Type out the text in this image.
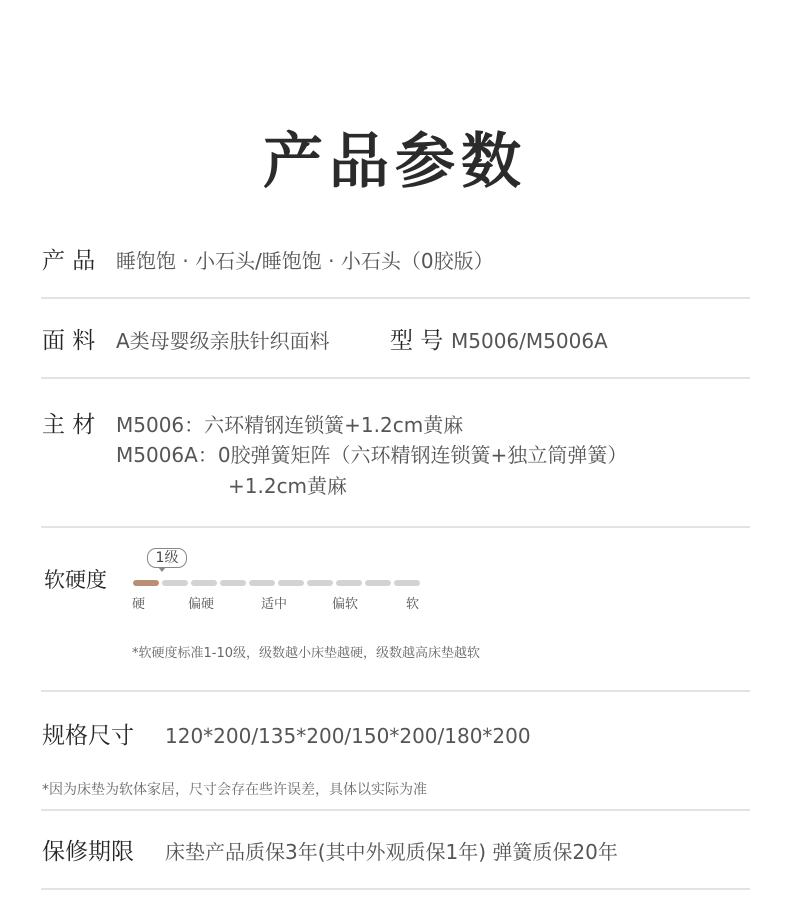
产品参数
产 品 睡饱饱 · 小石头/睡饱饱 · 小石头（0胶版）
面 料 A类母婴级亲肤针织面料	型 号 M5006/M5006A
主 材 M5006：六环精钢连锁簧+1.2cm黄麻
M5006A：0胶弹簧矩阵（六环精钢连锁簧+独立筒弹簧）
+1.2cm黄麻
软硬度
1级
硬	偏硬	适中	偏软	软
*软硬度标准1-10级，级数越小床垫越硬，级数越高床垫越软
规格尺寸 120*200/135*200/150*200/180*200
*因为床垫为软体家居，尺寸会存在些许误差，具体以实际为准
保修期限 床垫产品质保3年(其中外观质保1年) 弹簧质保20年
